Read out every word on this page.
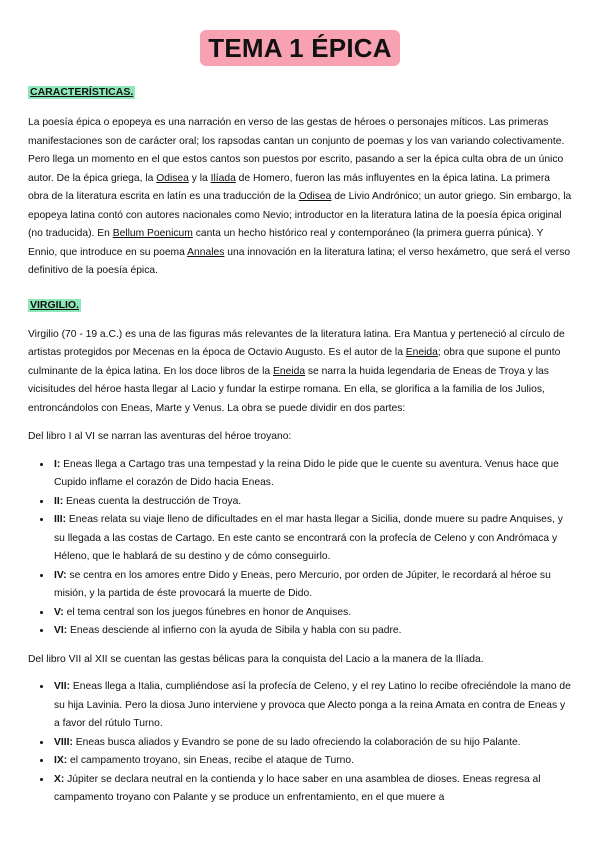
TEMA 1 ÉPICA
CARACTERÍSTICAS.

La poesía épica o epopeya es una narración en verso de las gestas de héroes o personajes míticos. Las primeras manifestaciones son de carácter oral; los rapsodas cantan un conjunto de poemas y los van variando colectivamente. Pero llega un momento en el que estos cantos son puestos por escrito, pasando a ser la épica culta obra de un único autor. De la épica griega, la Odisea y la Ilíada de Homero, fueron las más influyentes en la épica latina. La primera obra de la literatura escrita en latín es una traducción de la Odisea de Livio Andrónico; un autor griego. Sin embargo, la epopeya latina contó con autores nacionales como Nevio; introductor en la literatura latina de la poesía épica original (no traducida). En Bellum Poenicum canta un hecho histórico real y contemporáneo (la primera guerra púnica). Y Ennio, que introduce en su poema Annales una innovación en la literatura latina; el verso hexámetro, que será el verso definitivo de la poesía épica.

VIRGILIO.

Virgilio (70 - 19 a.C.) es una de las figuras más relevantes de la literatura latina. Era Mantua y perteneció al círculo de artistas protegidos por Mecenas en la época de Octavio Augusto. Es el autor de la Eneida; obra que supone el punto culminante de la épica latina. En los doce libros de la Eneida se narra la huida legendaria de Eneas de Troya y las vicisitudes del héroe hasta llegar al Lacio y fundar la estirpe romana. En ella, se glorifica a la familia de los Julios, entroncándolos con Eneas, Marte y Venus. La obra se puede dividir en dos partes:

Del libro I al VI se narran las aventuras del héroe troyano:

• I: Eneas llega a Cartago tras una tempestad y la reina Dido le pide que le cuente su aventura. Venus hace que Cupido inflame el corazón de Dido hacia Eneas.
• II: Eneas cuenta la destrucción de Troya.
• III: Eneas relata su viaje lleno de dificultades en el mar hasta llegar a Sicilia, donde muere su padre Anquises, y su llegada a las costas de Cartago. En este canto se encontrará con la profecía de Celeno y con Andrómaca y Héleno, que le hablará de su destino y de cómo conseguirlo.
• IV: se centra en los amores entre Dido y Eneas, pero Mercurio, por orden de Júpiter, le recordará al héroe su misión, y la partida de éste provocará la muerte de Dido.
• V: el tema central son los juegos fúnebres en honor de Anquises.
• VI: Eneas desciende al infierno con la ayuda de Sibila y habla con su padre.

Del libro VII al XII se cuentan las gestas bélicas para la conquista del Lacio a la manera de la Ilíada.

• VII: Eneas llega a Italia, cumpliéndose así la profecía de Celeno, y el rey Latino lo recibe ofreciéndole la mano de su hija Lavinia. Pero la diosa Juno interviene y provoca que Alecto ponga a la reina Amata en contra de Eneas y a favor del rútulo Turno.
• VIII: Eneas busca aliados y Evandro se pone de su lado ofreciendo la colaboración de su hijo Palante.
• IX: el campamento troyano, sin Eneas, recibe el ataque de Turno.
• X: Júpiter se declara neutral en la contienda y lo hace saber en una asamblea de dioses. Eneas regresa al campamento troyano con Palante y se produce un enfrentamiento, en el que muere a
